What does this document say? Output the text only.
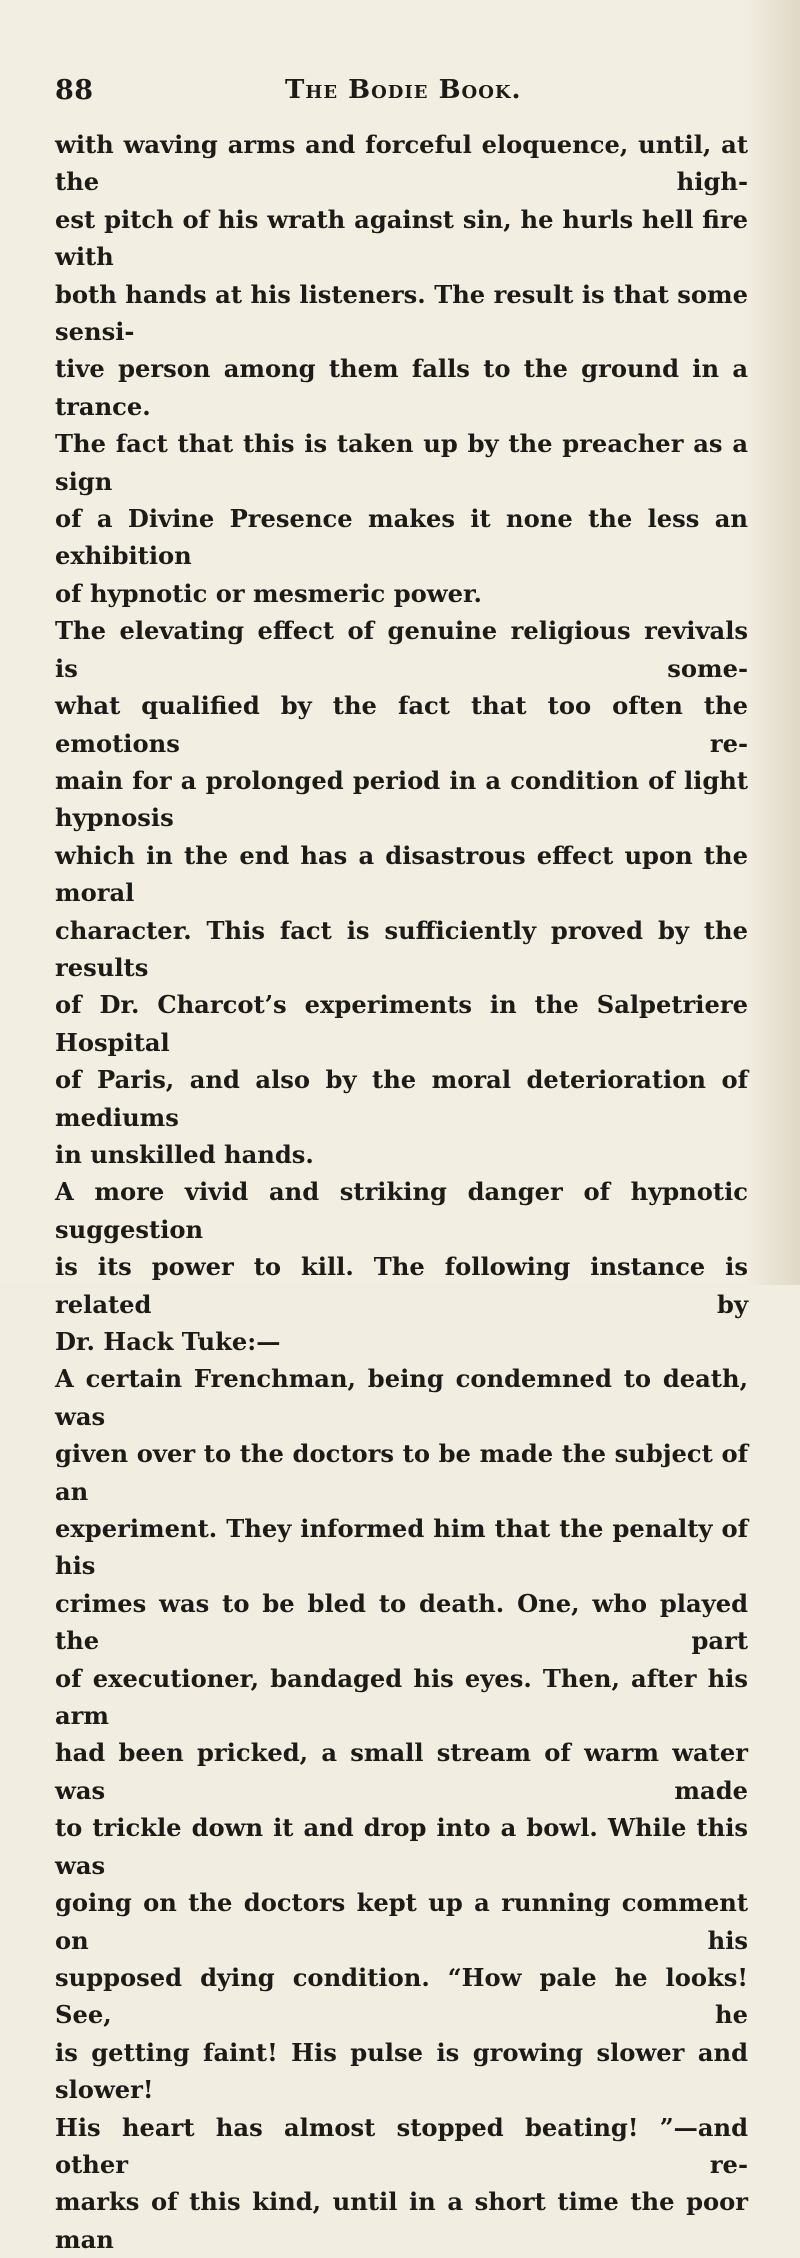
88	The Bodie Book.

with waving arms and forceful eloquence, until, at the high-

est pitch of his wrath against sin, he hurls hell fire with

both hands at his listeners. The result is that some sensi-

tive person among them falls to the ground in a trance.

The fact that this is taken up by the preacher as a sign

of a Divine Presence makes it none the less an exhibition

of hypnotic or mesmeric power.

The elevating effect of genuine religious revivals is some-

what qualified by the fact that too often the emotions re-

main for a prolonged period in a condition of light hypnosis

which in the end has a disastrous effect upon the moral

character. This fact is sufficiently proved by the results

of Dr. Charcot’s experiments in the Salpetriere Hospital

of Paris, and also by the moral deterioration of mediums

in unskilled hands.

A more vivid and striking danger of hypnotic suggestion

is its power to kill. The following instance is related by

Dr. Hack Tuke:—

A certain Frenchman, being condemned to death, was

given over to the doctors to be made the subject of an

experiment. They informed him that the penalty of his

crimes was to be bled to death. One, who played the part

of executioner, bandaged his eyes. Then, after his arm

had been pricked, a small stream of warm water was made

to trickle down it and drop into a bowl. While this was

going on the doctors kept up a running comment on his

supposed dying condition. “How pale he looks! See, he

is getting faint! His pulse is growing slower and slower!

His heart has almost stopped beating! ”—and other re-

marks of this kind, until in a short time the poor man
